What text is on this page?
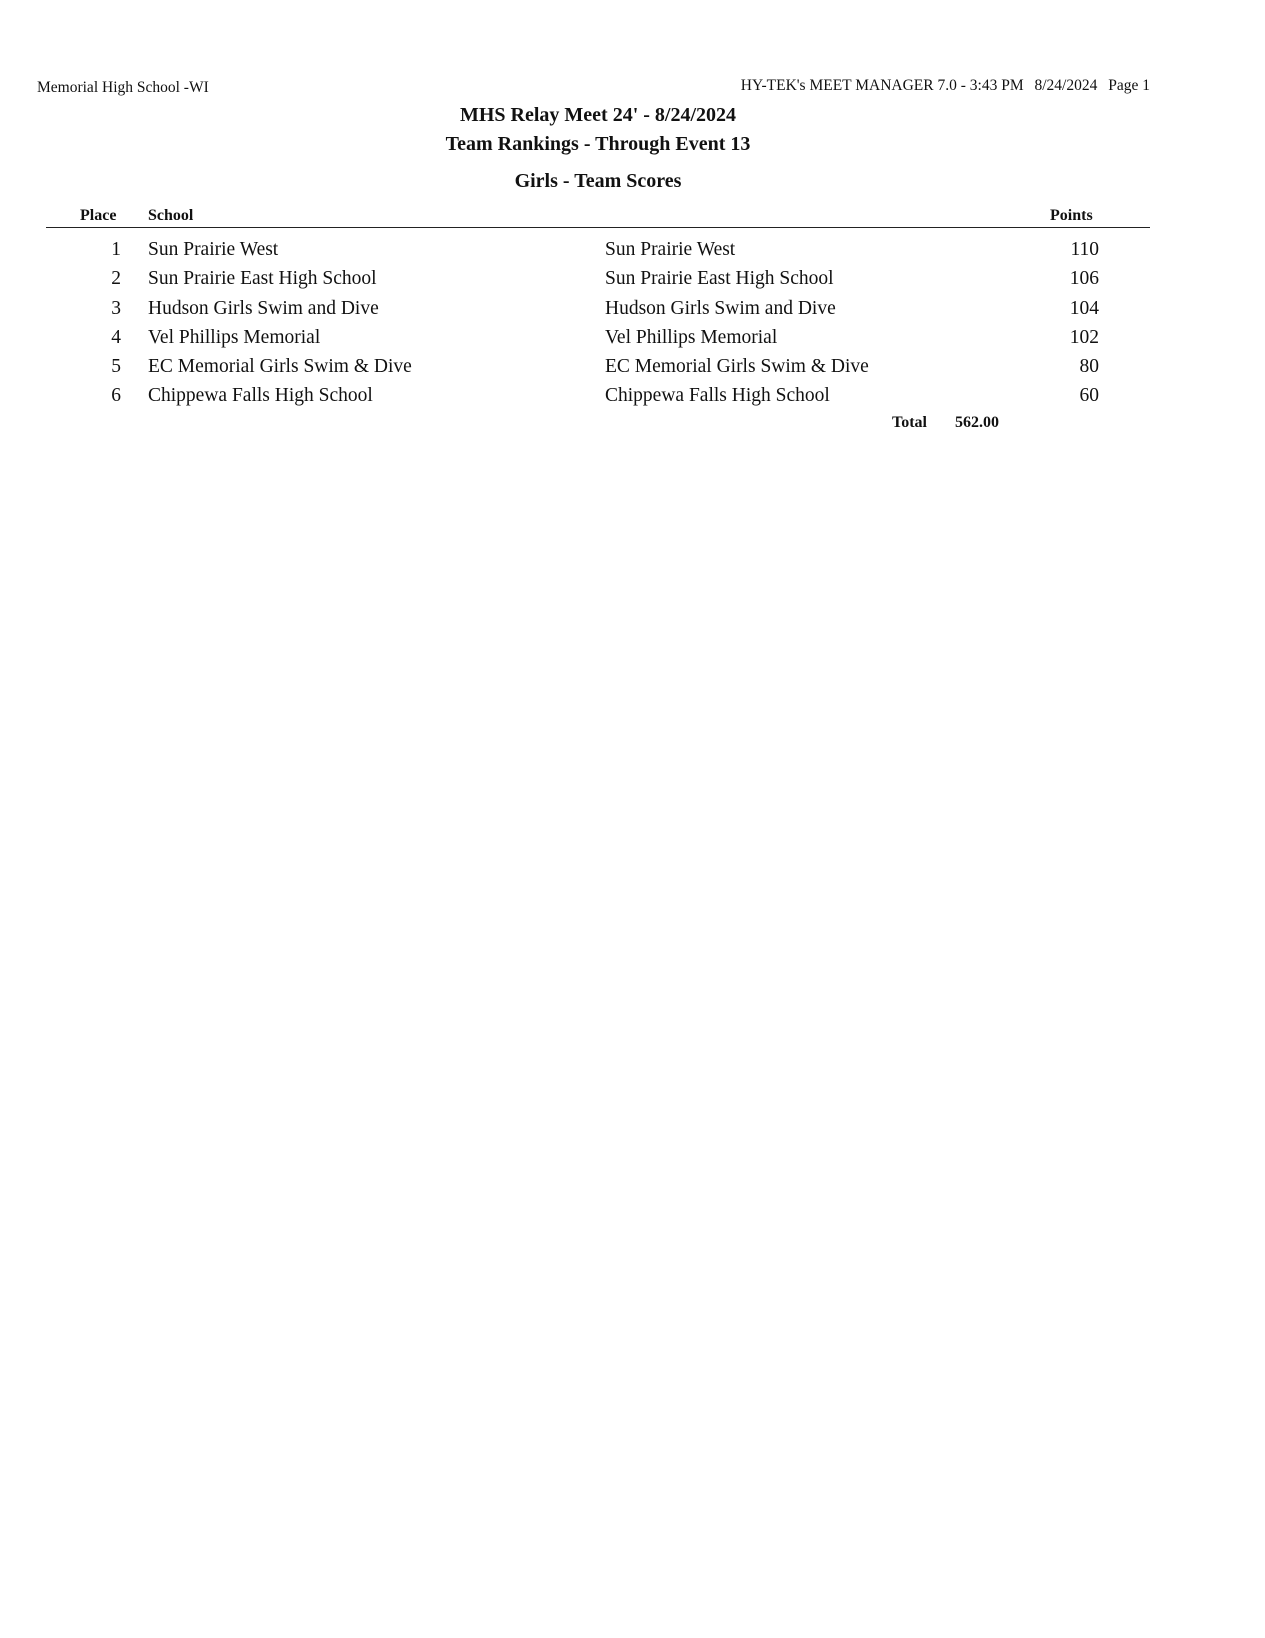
Memorial High School -WI	HY-TEK's MEET MANAGER 7.0 - 3:43 PM 8/24/2024 Page 1
MHS Relay Meet 24' - 8/24/2024
Team Rankings - Through Event 13
Girls - Team Scores
Place School	Points
1 Sun Prairie West	Sun Prairie West	110
2 Sun Prairie East High School	Sun Prairie East High School	106
3 Hudson Girls Swim and Dive	Hudson Girls Swim and Dive	104
4 Vel Phillips Memorial	Vel Phillips Memorial	102
5 EC Memorial Girls Swim & Dive	EC Memorial Girls Swim & Dive	80
6 Chippewa Falls High School	Chippewa Falls High School	60
Total 562.00
